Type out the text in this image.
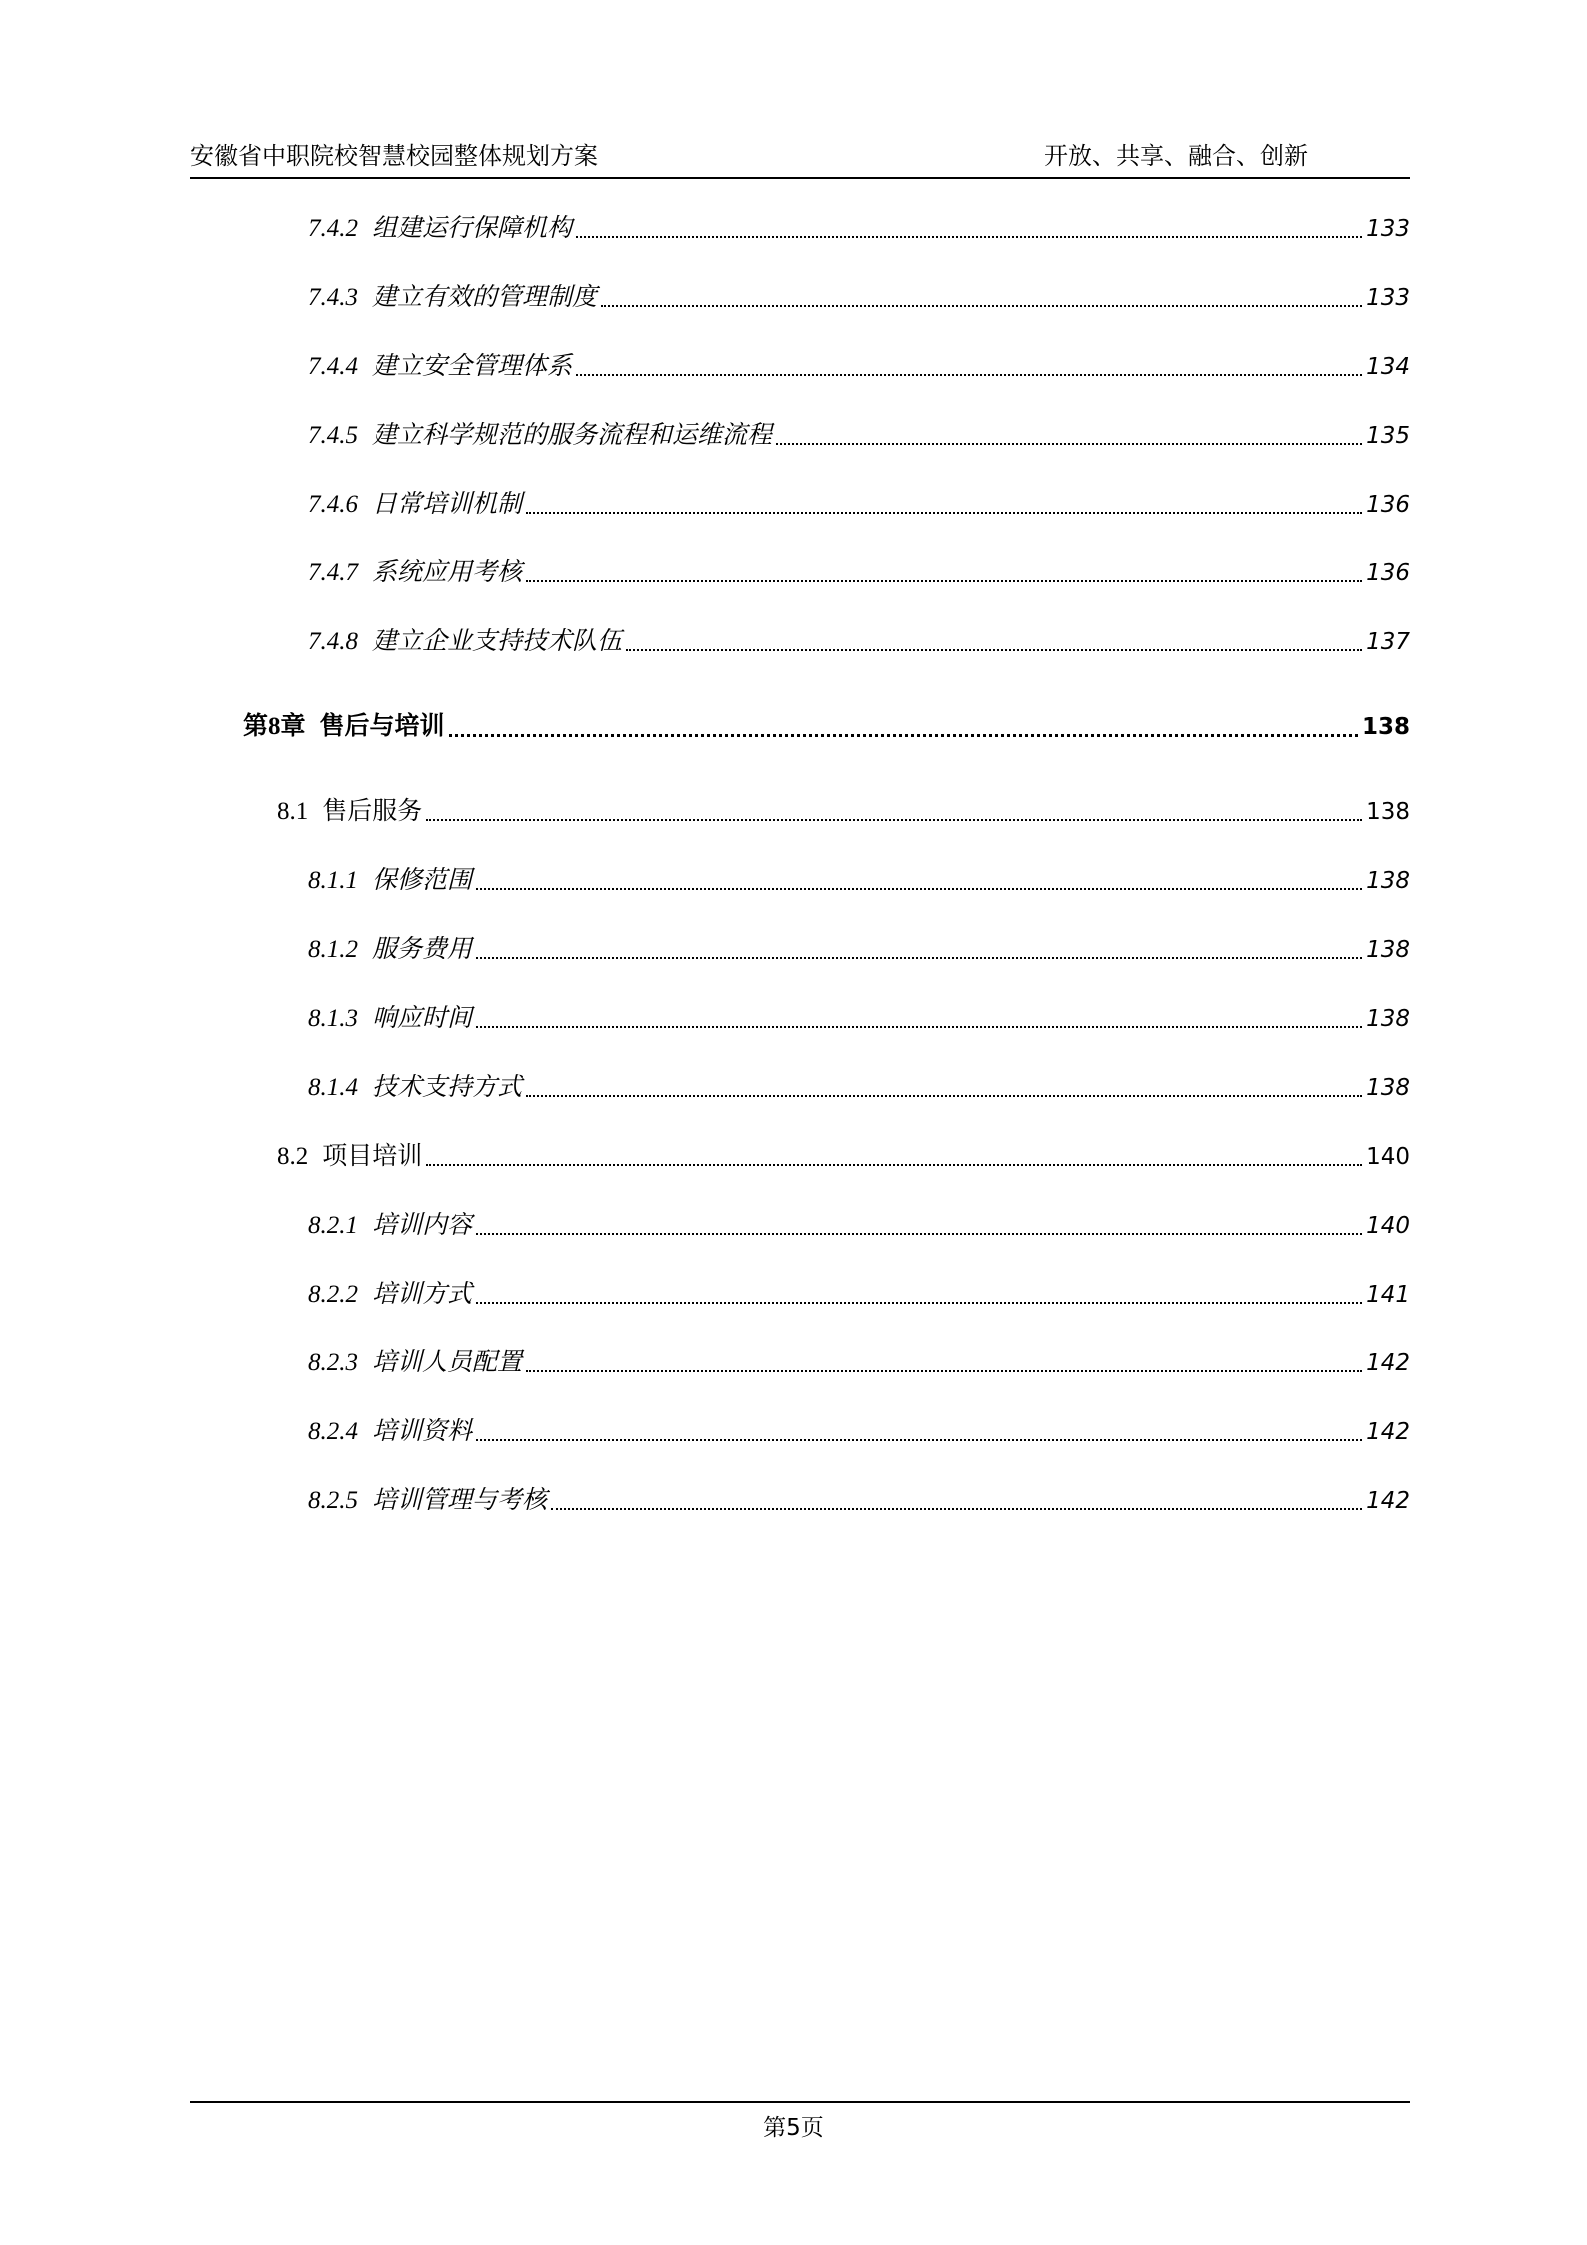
安徽省中职院校智慧校园整体规划方案	开放、共享、融合、创新
7.4.2 组建运行保障机构	133
7.4.3 建立有效的管理制度	133
7.4.4 建立安全管理体系	134
7.4.5 建立科学规范的服务流程和运维流程	135
7.4.6 日常培训机制	136
7.4.7 系统应用考核	136
7.4.8 建立企业支持技术队伍	137
第8章 售后与培训	138
8.1 售后服务	138
8.1.1 保修范围	138
8.1.2 服务费用	138
8.1.3 响应时间	138
8.1.4 技术支持方式	138
8.2 项目培训	140
8.2.1 培训内容	140
8.2.2 培训方式	141
8.2.3 培训人员配置	142
8.2.4 培训资料	142
8.2.5 培训管理与考核	142
第5页
